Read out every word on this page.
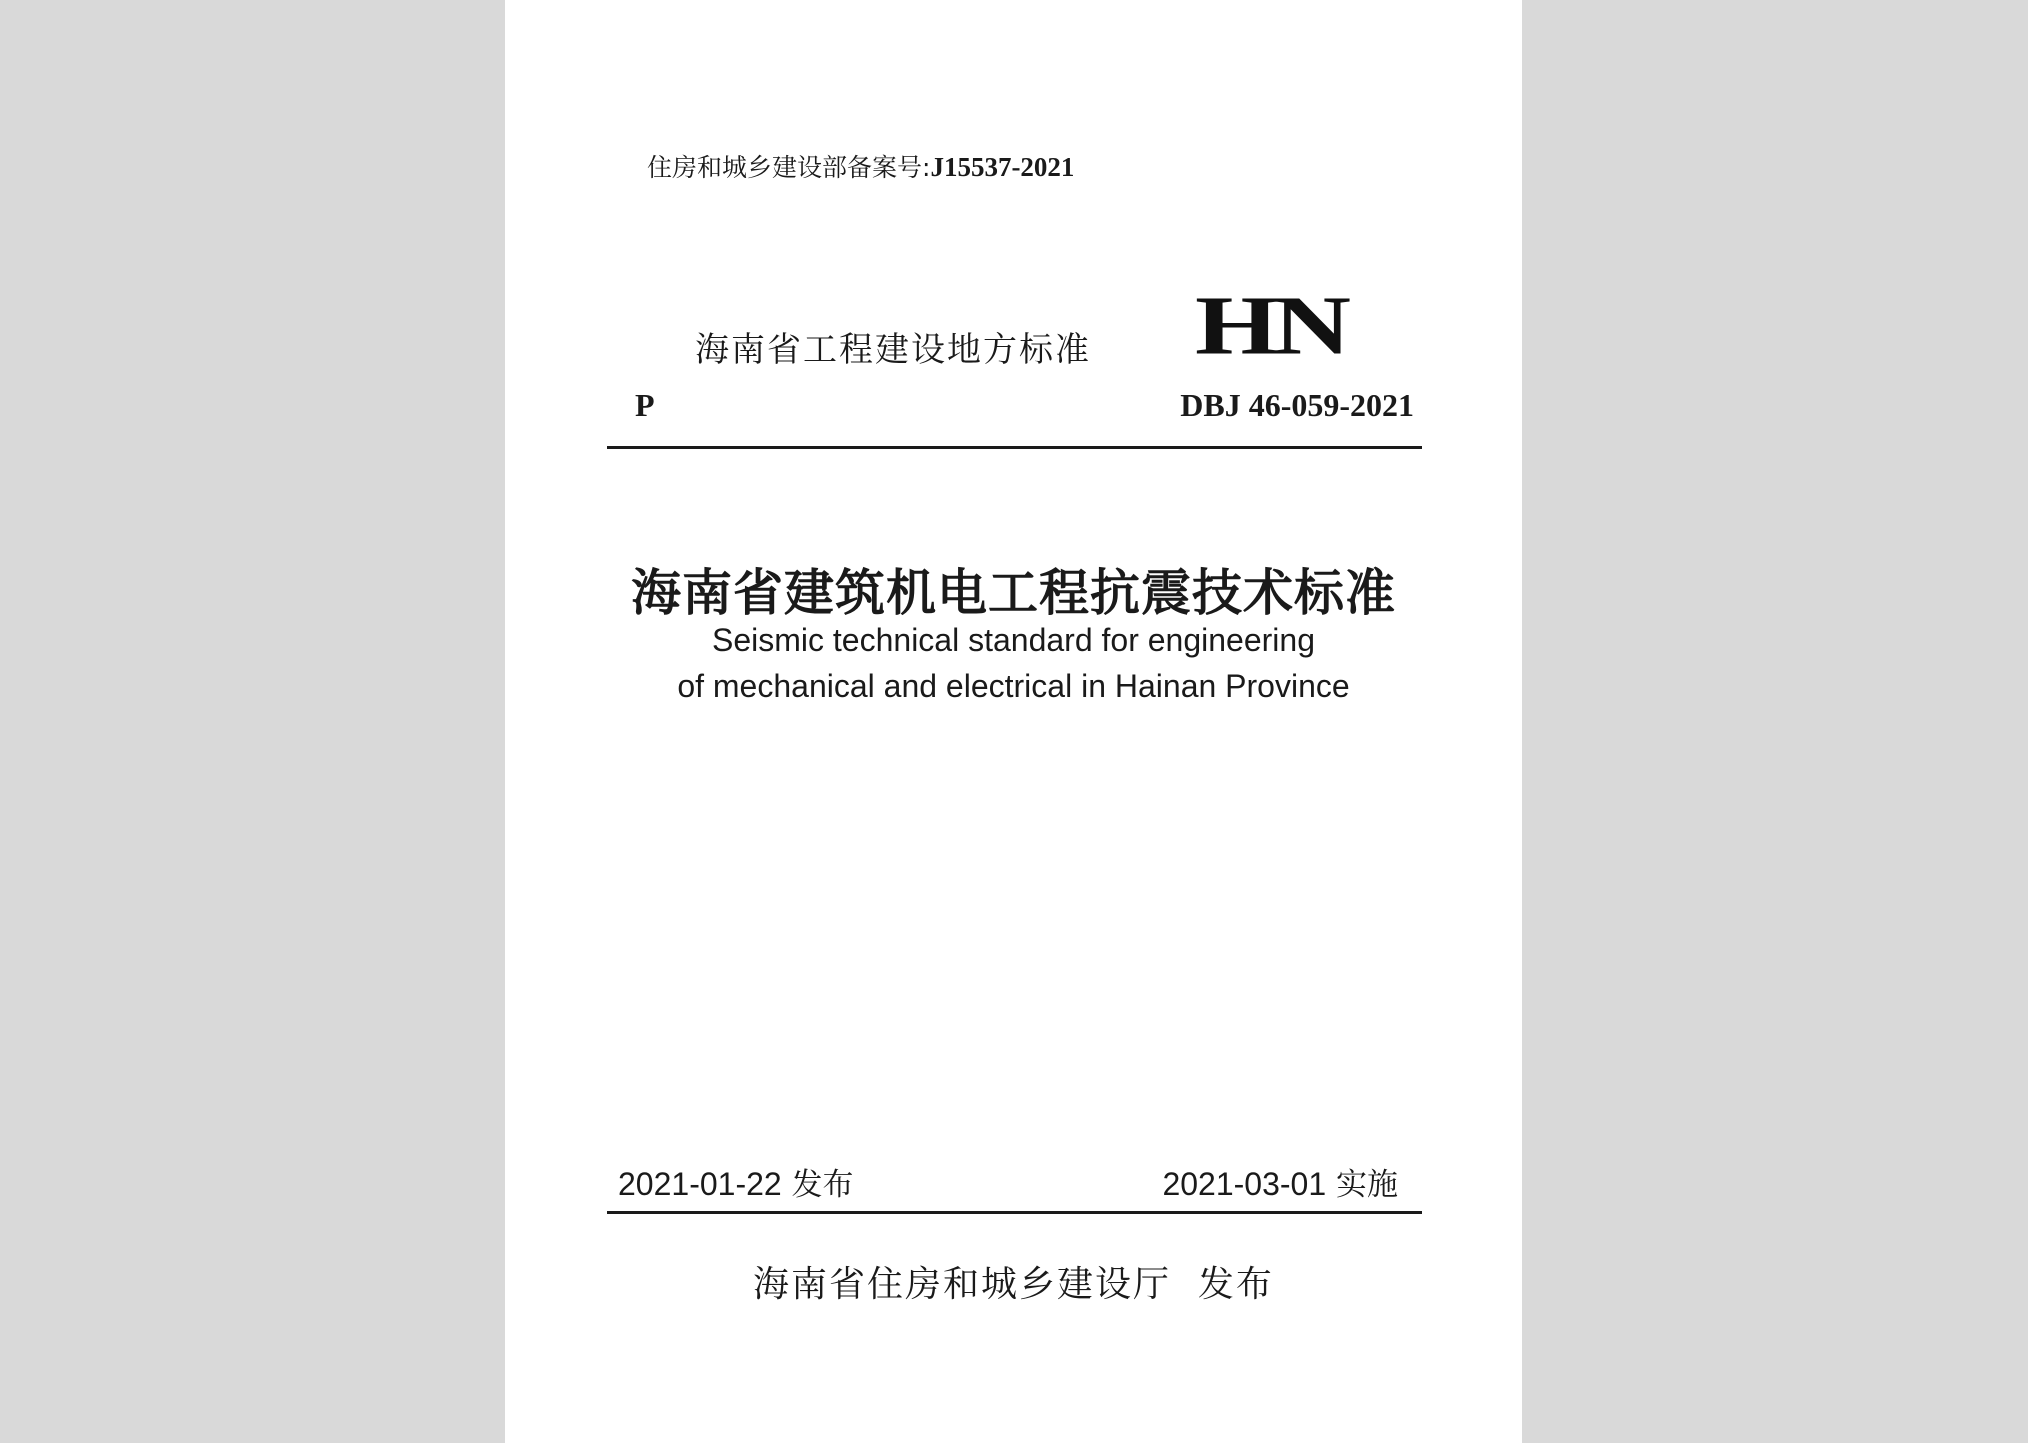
住房和城乡建设部备案号:J15537-2021
海南省工程建设地方标准 HN
P	DBJ 46-059-2021
海南省建筑机电工程抗震技术标准
Seismic technical standard for engineering
of mechanical and electrical in Hainan Province
2021-01-22 发布	2021-03-01 实施
海南省住房和城乡建设厅  发布
